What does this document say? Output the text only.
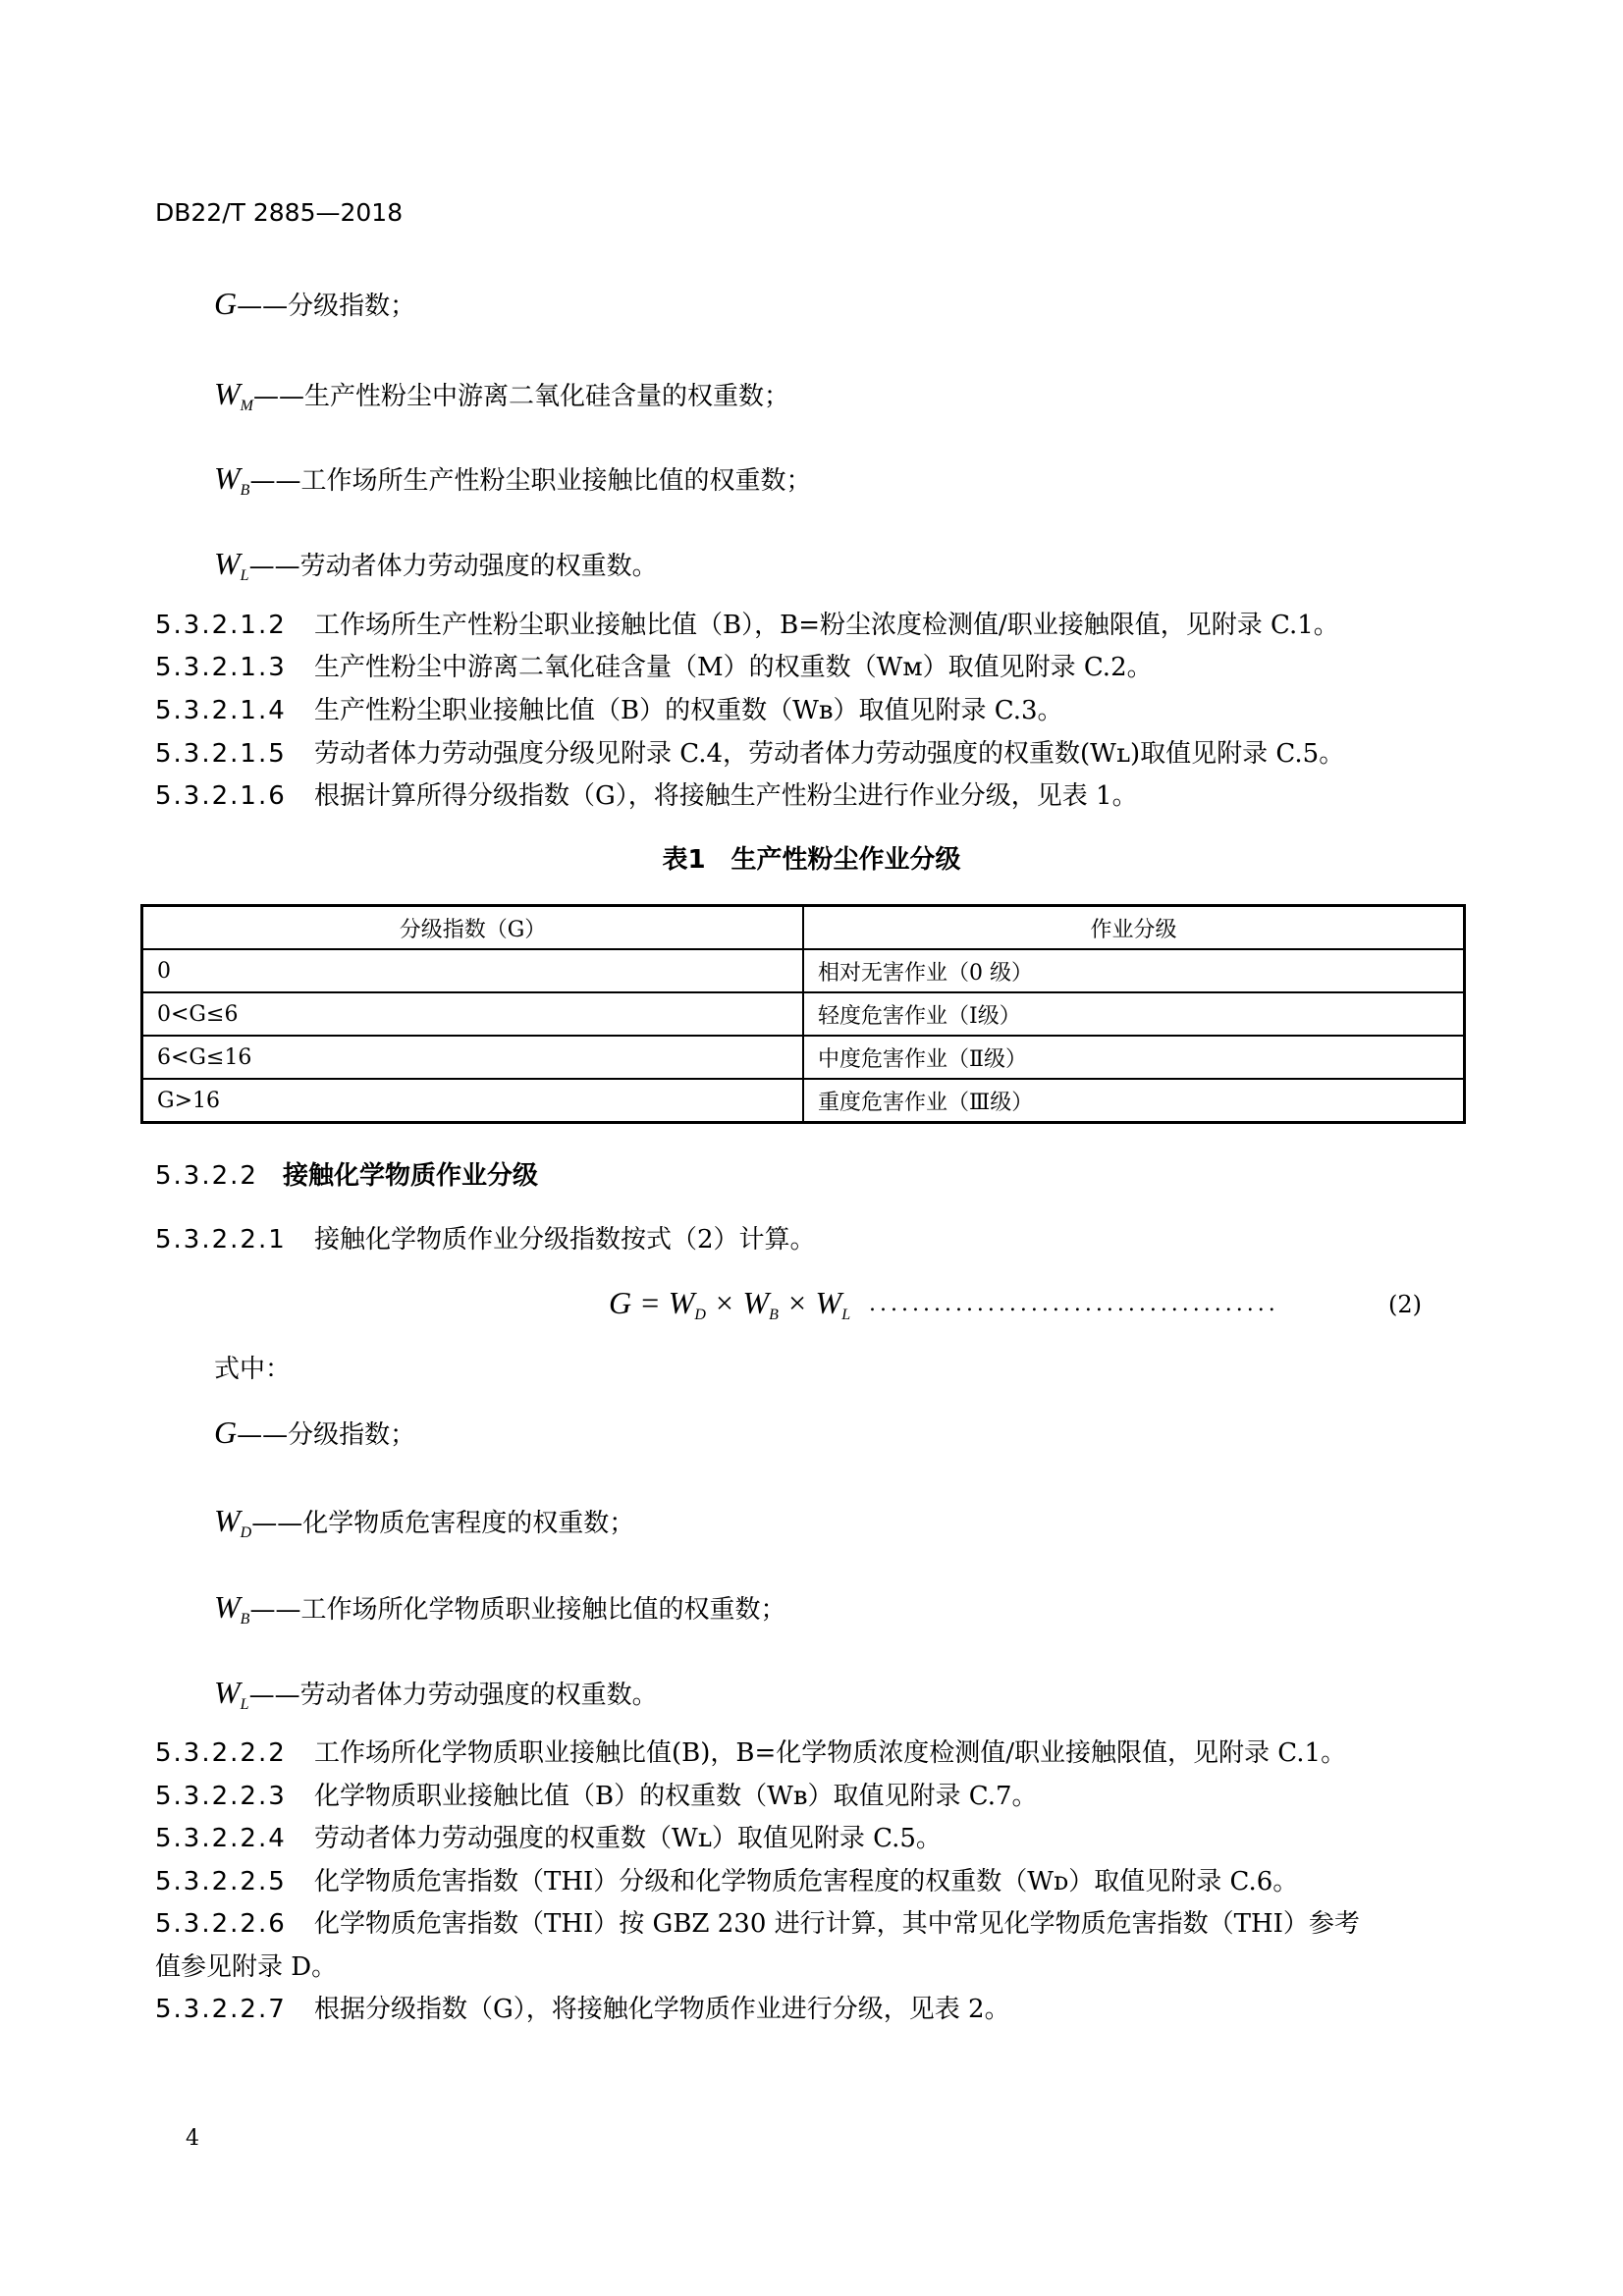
DB22/T 2885—2018
G——分级指数；
$W_M——$生产性粉尘中游离二氧化硅含量的权重数；
$W_B——$工作场所生产性粉尘职业接触比值的权重数；
$W_L——$劳动者体力劳动强度的权重数。
5.3.2.1.2 工作场所生产性粉尘职业接触比值（B），B=粉尘浓度检测值/职业接触限值，见附录 C.1。
5.3.2.1.3 生产性粉尘中游离二氧化硅含量（M）的权重数（Wм）取值见附录 C.2。
5.3.2.1.4 生产性粉尘职业接触比值（B）的权重数（Wʙ）取值见附录 C.3。
5.3.2.1.5 劳动者体力劳动强度分级见附录 C.4，劳动者体力劳动强度的权重数(Wʟ)取值见附录 C.5。
5.3.2.1.6 根据计算所得分级指数（G），将接触生产性粉尘进行作业分级，见表 1。
表1　生产性粉尘作业分级
分级指数（G）	作业分级
0	相对无害作业（0 级）
0<G≤6	轻度危害作业（Ⅰ级）
6<G≤16	中度危害作业（Ⅱ级）
G>16	重度危害作业（Ⅲ级）
5.3.2.2 接触化学物质作业分级
5.3.2.2.1 接触化学物质作业分级指数按式（2）计算。
$G = W_D \times W_B \times W_L$ ......................................	(2)
式中：
G——分级指数；
$W_D——$化学物质危害程度的权重数；
$W_B——$工作场所化学物质职业接触比值的权重数；
$W_L——$劳动者体力劳动强度的权重数。
5.3.2.2.2 工作场所化学物质职业接触比值(B)，B=化学物质浓度检测值/职业接触限值，见附录 C.1。
5.3.2.2.3 化学物质职业接触比值（B）的权重数（Wʙ）取值见附录 C.7。
5.3.2.2.4 劳动者体力劳动强度的权重数（Wʟ）取值见附录 C.5。
5.3.2.2.5 化学物质危害指数（THI）分级和化学物质危害程度的权重数（Wᴅ）取值见附录 C.6。
5.3.2.2.6 化学物质危害指数（THI）按 GBZ 230 进行计算，其中常见化学物质危害指数（THI）参考
值参见附录 D。
5.3.2.2.7 根据分级指数（G），将接触化学物质作业进行分级，见表 2。
4
